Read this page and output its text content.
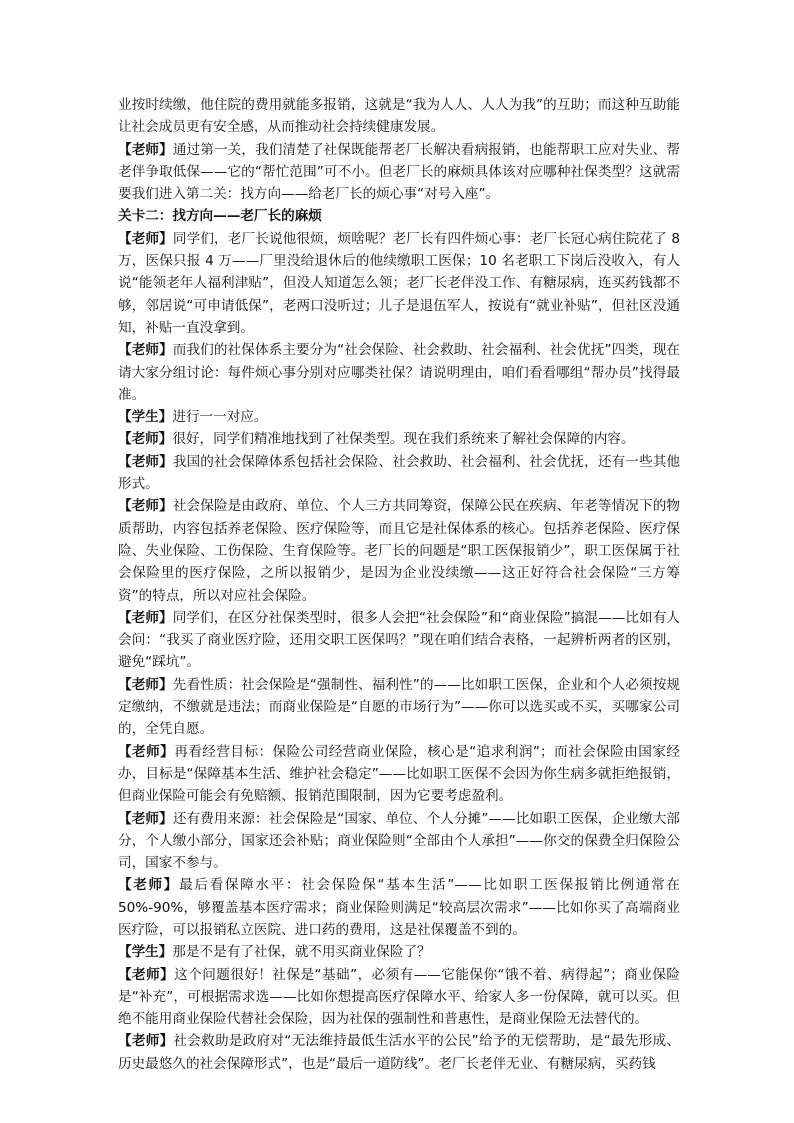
业按时续缴，他住院的费用就能多报销，这就是“我为人人、人人为我”的互助；而这种互助能让社会成员更有安全感，从而推动社会持续健康发展。

【老师】通过第一关，我们清楚了社保既能帮老厂长解决看病报销，也能帮职工应对失业、帮老伴争取低保——它的“帮忙范围”可不小。但老厂长的麻烦具体该对应哪种社保类型？这就需要我们进入第二关：找方向——给老厂长的烦心事“对号入座”。

关卡二：找方向——老厂长的麻烦

【老师】同学们，老厂长说他很烦，烦啥呢？老厂长有四件烦心事：老厂长冠心病住院花了 8 万，医保只报 4 万——厂里没给退休后的他续缴职工医保；10 名老职工下岗后没收入，有人说“能领老年人福利津贴”，但没人知道怎么领；老厂长老伴没工作、有糖尿病，连买药钱都不够，邻居说“可申请低保”，老两口没听过；儿子是退伍军人，按说有“就业补贴”，但社区没通知，补贴一直没拿到。

【老师】而我们的社保体系主要分为“社会保险、社会救助、社会福利、社会优抚”四类，现在请大家分组讨论：每件烦心事分别对应哪类社保？请说明理由，咱们看看哪组“帮办员”找得最准。

【学生】进行一一对应。

【老师】很好，同学们精准地找到了社保类型。现在我们系统来了解社会保障的内容。

【老师】我国的社会保障体系包括社会保险、社会救助、社会福利、社会优抚，还有一些其他形式。

【老师】社会保险是由政府、单位、个人三方共同筹资，保障公民在疾病、年老等情况下的物质帮助，内容包括养老保险、医疗保险等，而且它是社保体系的核心。包括养老保险、医疗保险、失业保险、工伤保险、生育保险等。老厂长的问题是“职工医保报销少”，职工医保属于社会保险里的医疗保险，之所以报销少，是因为企业没续缴——这正好符合社会保险“三方筹资”的特点，所以对应社会保险。

【老师】同学们，在区分社保类型时，很多人会把“社会保险”和“商业保险”搞混——比如有人会问：“我买了商业医疗险，还用交职工医保吗？”现在咱们结合表格，一起辨析两者的区别，避免“踩坑”。

【老师】先看性质：社会保险是“强制性、福利性”的——比如职工医保，企业和个人必须按规定缴纳，不缴就是违法；而商业保险是“自愿的市场行为”——你可以选买或不买，买哪家公司的，全凭自愿。

【老师】再看经营目标：保险公司经营商业保险，核心是“追求利润”；而社会保险由国家经办，目标是“保障基本生活、维护社会稳定”——比如职工医保不会因为你生病多就拒绝报销，但商业保险可能会有免赔额、报销范围限制，因为它要考虑盈利。

【老师】还有费用来源：社会保险是“国家、单位、个人分摊”——比如职工医保，企业缴大部分，个人缴小部分，国家还会补贴；商业保险则“全部由个人承担”——你交的保费全归保险公司，国家不参与。

【老师】最后看保障水平：社会保险保“基本生活”——比如职工医保报销比例通常在 50%-90%，够覆盖基本医疗需求；商业保险则满足“较高层次需求”——比如你买了高端商业医疗险，可以报销私立医院、进口药的费用，这是社保覆盖不到的。

【学生】那是不是有了社保，就不用买商业保险了？

【老师】这个问题很好！社保是“基础”，必须有——它能保你“饿不着、病得起”；商业保险是“补充”，可根据需求选——比如你想提高医疗保障水平、给家人多一份保障，就可以买。但绝不能用商业保险代替社会保险，因为社保的强制性和普惠性，是商业保险无法替代的。

【老师】社会救助是政府对“无法维持最低生活水平的公民”给予的无偿帮助，是“最先形成、历史最悠久的社会保障形式”，也是“最后一道防线”。老厂长老伴无业、有糖尿病，买药钱
